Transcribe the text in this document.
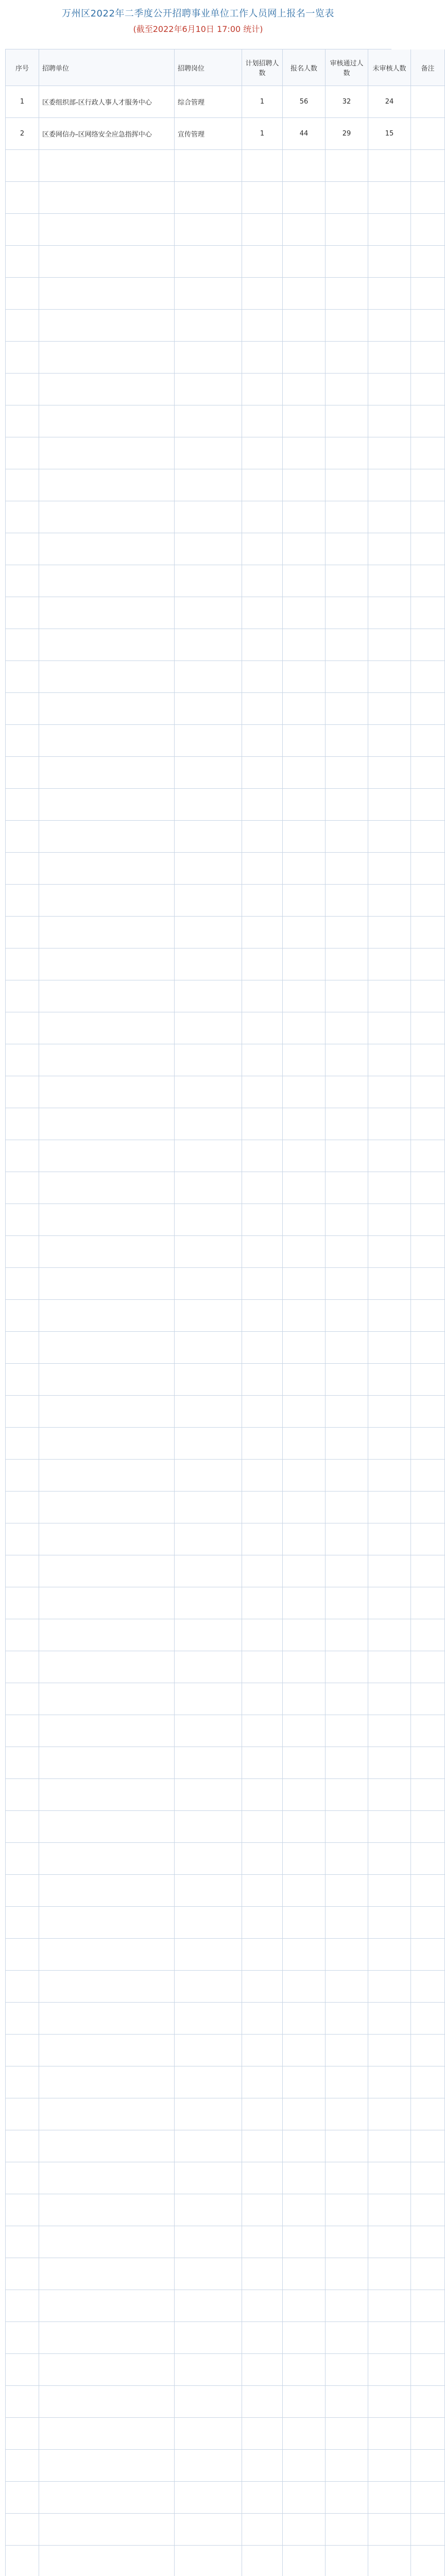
万州区2022年二季度公开招聘事业单位工作人员网上报名一览表
(截至2022年6月10日 17:00 统计)
序号	招聘单位	招聘岗位	计划招聘人数	报名人数	审核通过人数	未审核人数	备注
1	区委组织部-区行政人事人才服务中心	综合管理	1	56	32	24	
2	区委网信办-区网络安全应急指挥中心	宣传管理	1	44	29	15	
